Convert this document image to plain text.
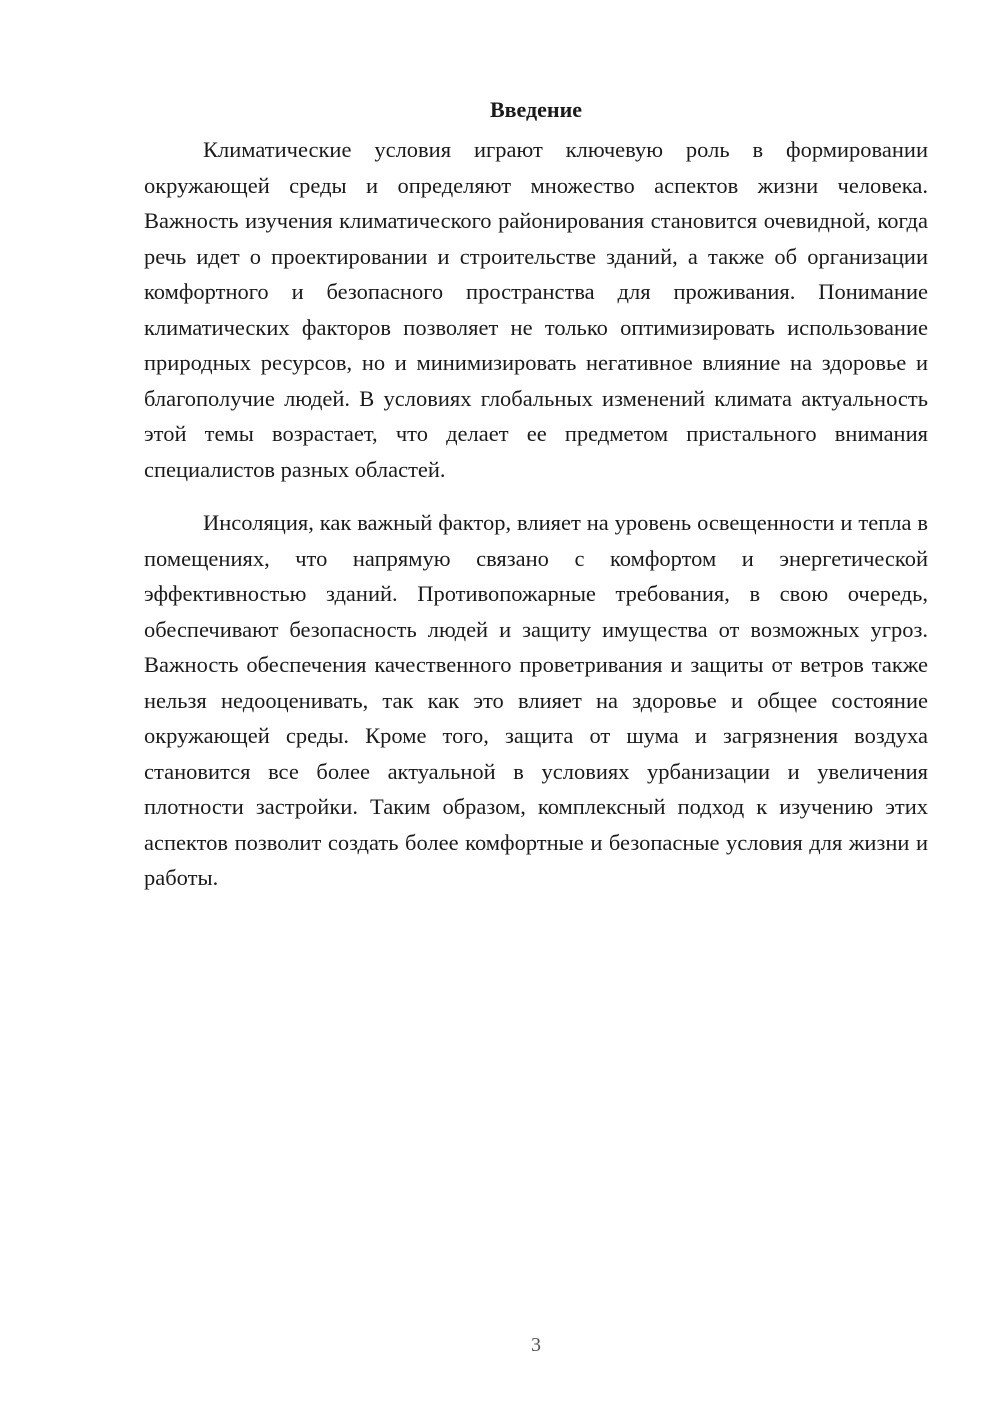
Введение

Климатические условия играют ключевую роль в формировании окружающей среды и определяют множество аспектов жизни человека. Важность изучения климатического районирования становится очевидной, когда речь идет о проектировании и строительстве зданий, а также об организации комфортного и безопасного пространства для проживания. Понимание климатических факторов позволяет не только оптимизировать использование природных ресурсов, но и минимизировать негативное влияние на здоровье и благополучие людей. В условиях глобальных изменений климата актуальность этой темы возрастает, что делает ее предметом пристального внимания специалистов разных областей.

Инсоляция, как важный фактор, влияет на уровень освещенности и тепла в помещениях, что напрямую связано с комфортом и энергетической эффективностью зданий. Противопожарные требования, в свою очередь, обеспечивают безопасность людей и защиту имущества от возможных угроз. Важность обеспечения качественного проветривания и защиты от ветров также нельзя недооценивать, так как это влияет на здоровье и общее состояние окружающей среды. Кроме того, защита от шума и загрязнения воздуха становится все более актуальной в условиях урбанизации и увеличения плотности застройки. Таким образом, комплексный подход к изучению этих аспектов позволит создать более комфортные и безопасные условия для жизни и работы.

3
